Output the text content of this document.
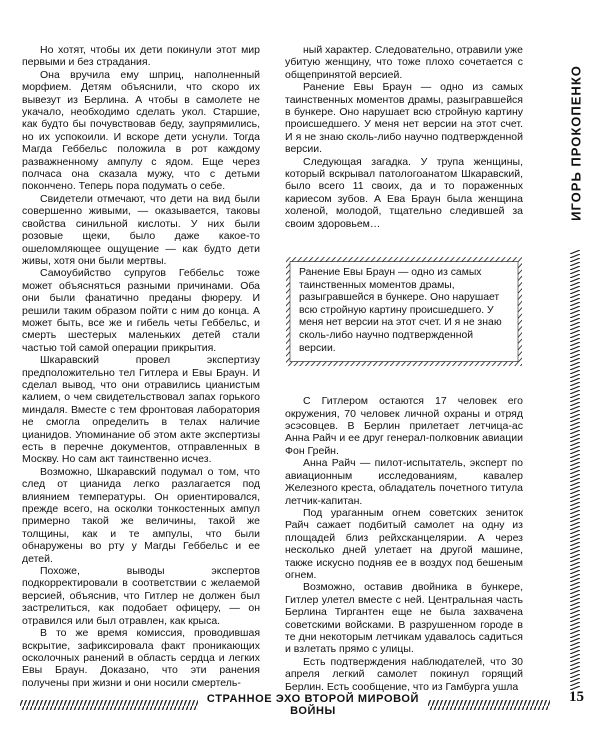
Но хотят, чтобы их дети покинули этот мир первыми и без страдания.

Она вручила ему шприц, наполненный морфием. Детям объяснили, что скоро их вывезут из Берлина. А чтобы в самолете не укачало, необходимо сделать укол. Старшие, как будто бы почувствовав беду, заупрямились, но их успокоили. И вскоре дети уснули. Тогда Магда Геббельс положила в рот каждому разважненному ампулу с ядом. Еще через полчаса она сказала мужу, что с детьми покончено. Теперь пора подумать о себе.

Свидетели отмечают, что дети на вид были совершенно живыми, — оказывается, таковы свойства синильной кислоты. У них были розовые щеки, было даже какое-то ошеломляющее ощущение — как будто дети живы, хотя они были мертвы.

Самоубийство супругов Геббельс тоже может объясняться разными причинами. Оба они были фанатично преданы фюреру. И решили таким образом пойти с ним до конца. А может быть, все же и гибель четы Геббельс, и смерть шестерых маленьких детей стали частью той самой операции прикрытия.

Шкаравский провел экспертизу предположительно тел Гитлера и Евы Браун. И сделал вывод, что они отравились цианистым калием, о чем свидетельствовал запах горького миндаля. Вместе с тем фронтовая лаборатория не смогла определить в телах наличие цианидов. Упоминание об этом акте экспертизы есть в перечне документов, отправленных в Москву. Но сам акт таинственно исчез.

Возможно, Шкаравский подумал о том, что след от цианида легко разлагается под влиянием температуры. Он ориентировался, прежде всего, на осколки тонкостенных ампул примерно такой же величины, такой же толщины, как и те ампулы, что были обнаружены во рту у Магды Геббельс и ее детей.

Похоже, выводы экспертов подкорректировали в соответствии с желаемой версией, объяснив, что Гитлер не должен был застрелиться, как подобает офицеру, — он отравился или был отравлен, как крыса.

В то же время комиссия, проводившая вскрытие, зафиксировала факт проникающих осколочных ранений в область сердца и легких Евы Браун. Доказано, что эти ранения получены при жизни и они носили смертель-

ный характер. Следовательно, отравили уже убитую женщину, что тоже плохо сочетается с общепринятой версией.

Ранение Евы Браун — одно из самых таинственных моментов драмы, разыгравшейся в бункере. Оно нарушает всю стройную картину происшедшего. У меня нет версии на этот счет. И я не знаю сколь-либо научно подтвержденной версии.

Следующая загадка. У трупа женщины, который вскрывал патологоанатом Шкаравский, было всего 11 своих, да и то пораженных кариесом зубов. А Ева Браун была женщина холеной, молодой, тщательно следившей за своим здоровьем…

Ранение Евы Браун — одно из самых таинственных моментов драмы, разыгравшейся в бункере. Оно нарушает всю стройную картину происшедшего. У меня нет версии на этот счет. И я не знаю сколь-либо научно подтвержденной версии.

С Гитлером остаются 17 человек его окружения, 70 человек личной охраны и отряд эсэсовцев. В Берлин прилетает летчица-ас Анна Райч и ее друг генерал-полковник авиации Фон Грейн.

Анна Райч — пилот-испытатель, эксперт по авиационным исследованиям, кавалер Железного креста, обладатель почетного титула летчик-капитан.

Под ураганным огнем советских зениток Райч сажает подбитый самолет на одну из площадей близ рейхсканцелярии. А через несколько дней улетает на другой машине, также искусно подняв ее в воздух под бешеным огнем.

Возможно, оставив двойника в бункере, Гитлер улетел вместе с ней. Центральная часть Берлина Тиргантен еще не была захвачена советскими войсками. В разрушенном городе в те дни некоторым летчикам удавалось садиться и взлетать прямо с улицы.

Есть подтверждения наблюдателей, что 30 апреля легкий самолет покинул горящий Берлин. Есть сообщение, что из Гамбурга ушла

ИГОРЬ ПРОКОПЕНКО
СТРАННОЕ ЭХО ВТОРОЙ МИРОВОЙ ВОЙНЫ
15
